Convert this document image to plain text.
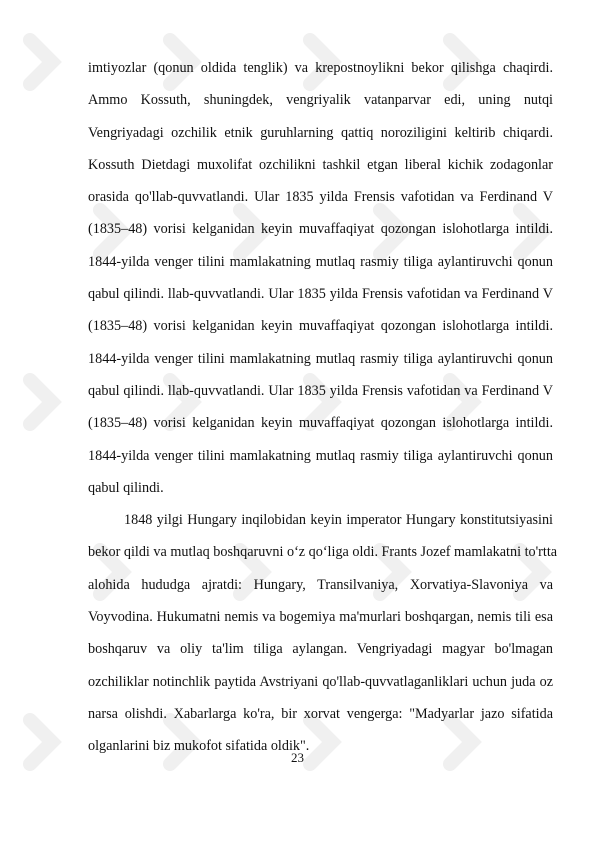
imtiyozlar (qonun oldida tenglik) va krepostnoylikni bekor qilishga chaqirdi.
Ammo Kossuth, shuningdek, vengriyalik vatanparvar edi, uning nutqi
Vengriyadagi ozchilik etnik guruhlarning qattiq noroziligini keltirib chiqardi.
Kossuth Dietdagi muxolifat ozchilikni tashkil etgan liberal kichik zodagonlar
orasida qo'llab-quvvatlandi. Ular 1835 yilda Frensis vafotidan va Ferdinand V
(1835–48) vorisi kelganidan keyin muvaffaqiyat qozongan islohotlarga intildi.
1844-yilda venger tilini mamlakatning mutlaq rasmiy tiliga aylantiruvchi qonun
qabul qilindi. llab-quvvatlandi. Ular 1835 yilda Frensis vafotidan va Ferdinand V
(1835–48) vorisi kelganidan keyin muvaffaqiyat qozongan islohotlarga intildi.
1844-yilda venger tilini mamlakatning mutlaq rasmiy tiliga aylantiruvchi qonun
qabul qilindi. llab-quvvatlandi. Ular 1835 yilda Frensis vafotidan va Ferdinand V
(1835–48) vorisi kelganidan keyin muvaffaqiyat qozongan islohotlarga intildi.
1844-yilda venger tilini mamlakatning mutlaq rasmiy tiliga aylantiruvchi qonun
qabul qilindi.
1848 yilgi Hungary inqilobidan keyin imperator Hungary konstitutsiyasini
bekor qildi va mutlaq boshqaruvni o‘z qo‘liga oldi. Frants Jozef mamlakatni to'rtta
alohida hududga ajratdi: Hungary, Transilvaniya, Xorvatiya-Slavoniya va
Voyvodina. Hukumatni nemis va bogemiya ma'murlari boshqargan, nemis tili esa
boshqaruv va oliy ta'lim tiliga aylangan. Vengriyadagi magyar bo'lmagan
ozchiliklar notinchlik paytida Avstriyani qo'llab-quvvatlaganliklari uchun juda oz
narsa olishdi. Xabarlarga ko'ra, bir xorvat vengerga: "Madyarlar jazo sifatida
olganlarini biz mukofot sifatida oldik".
23
